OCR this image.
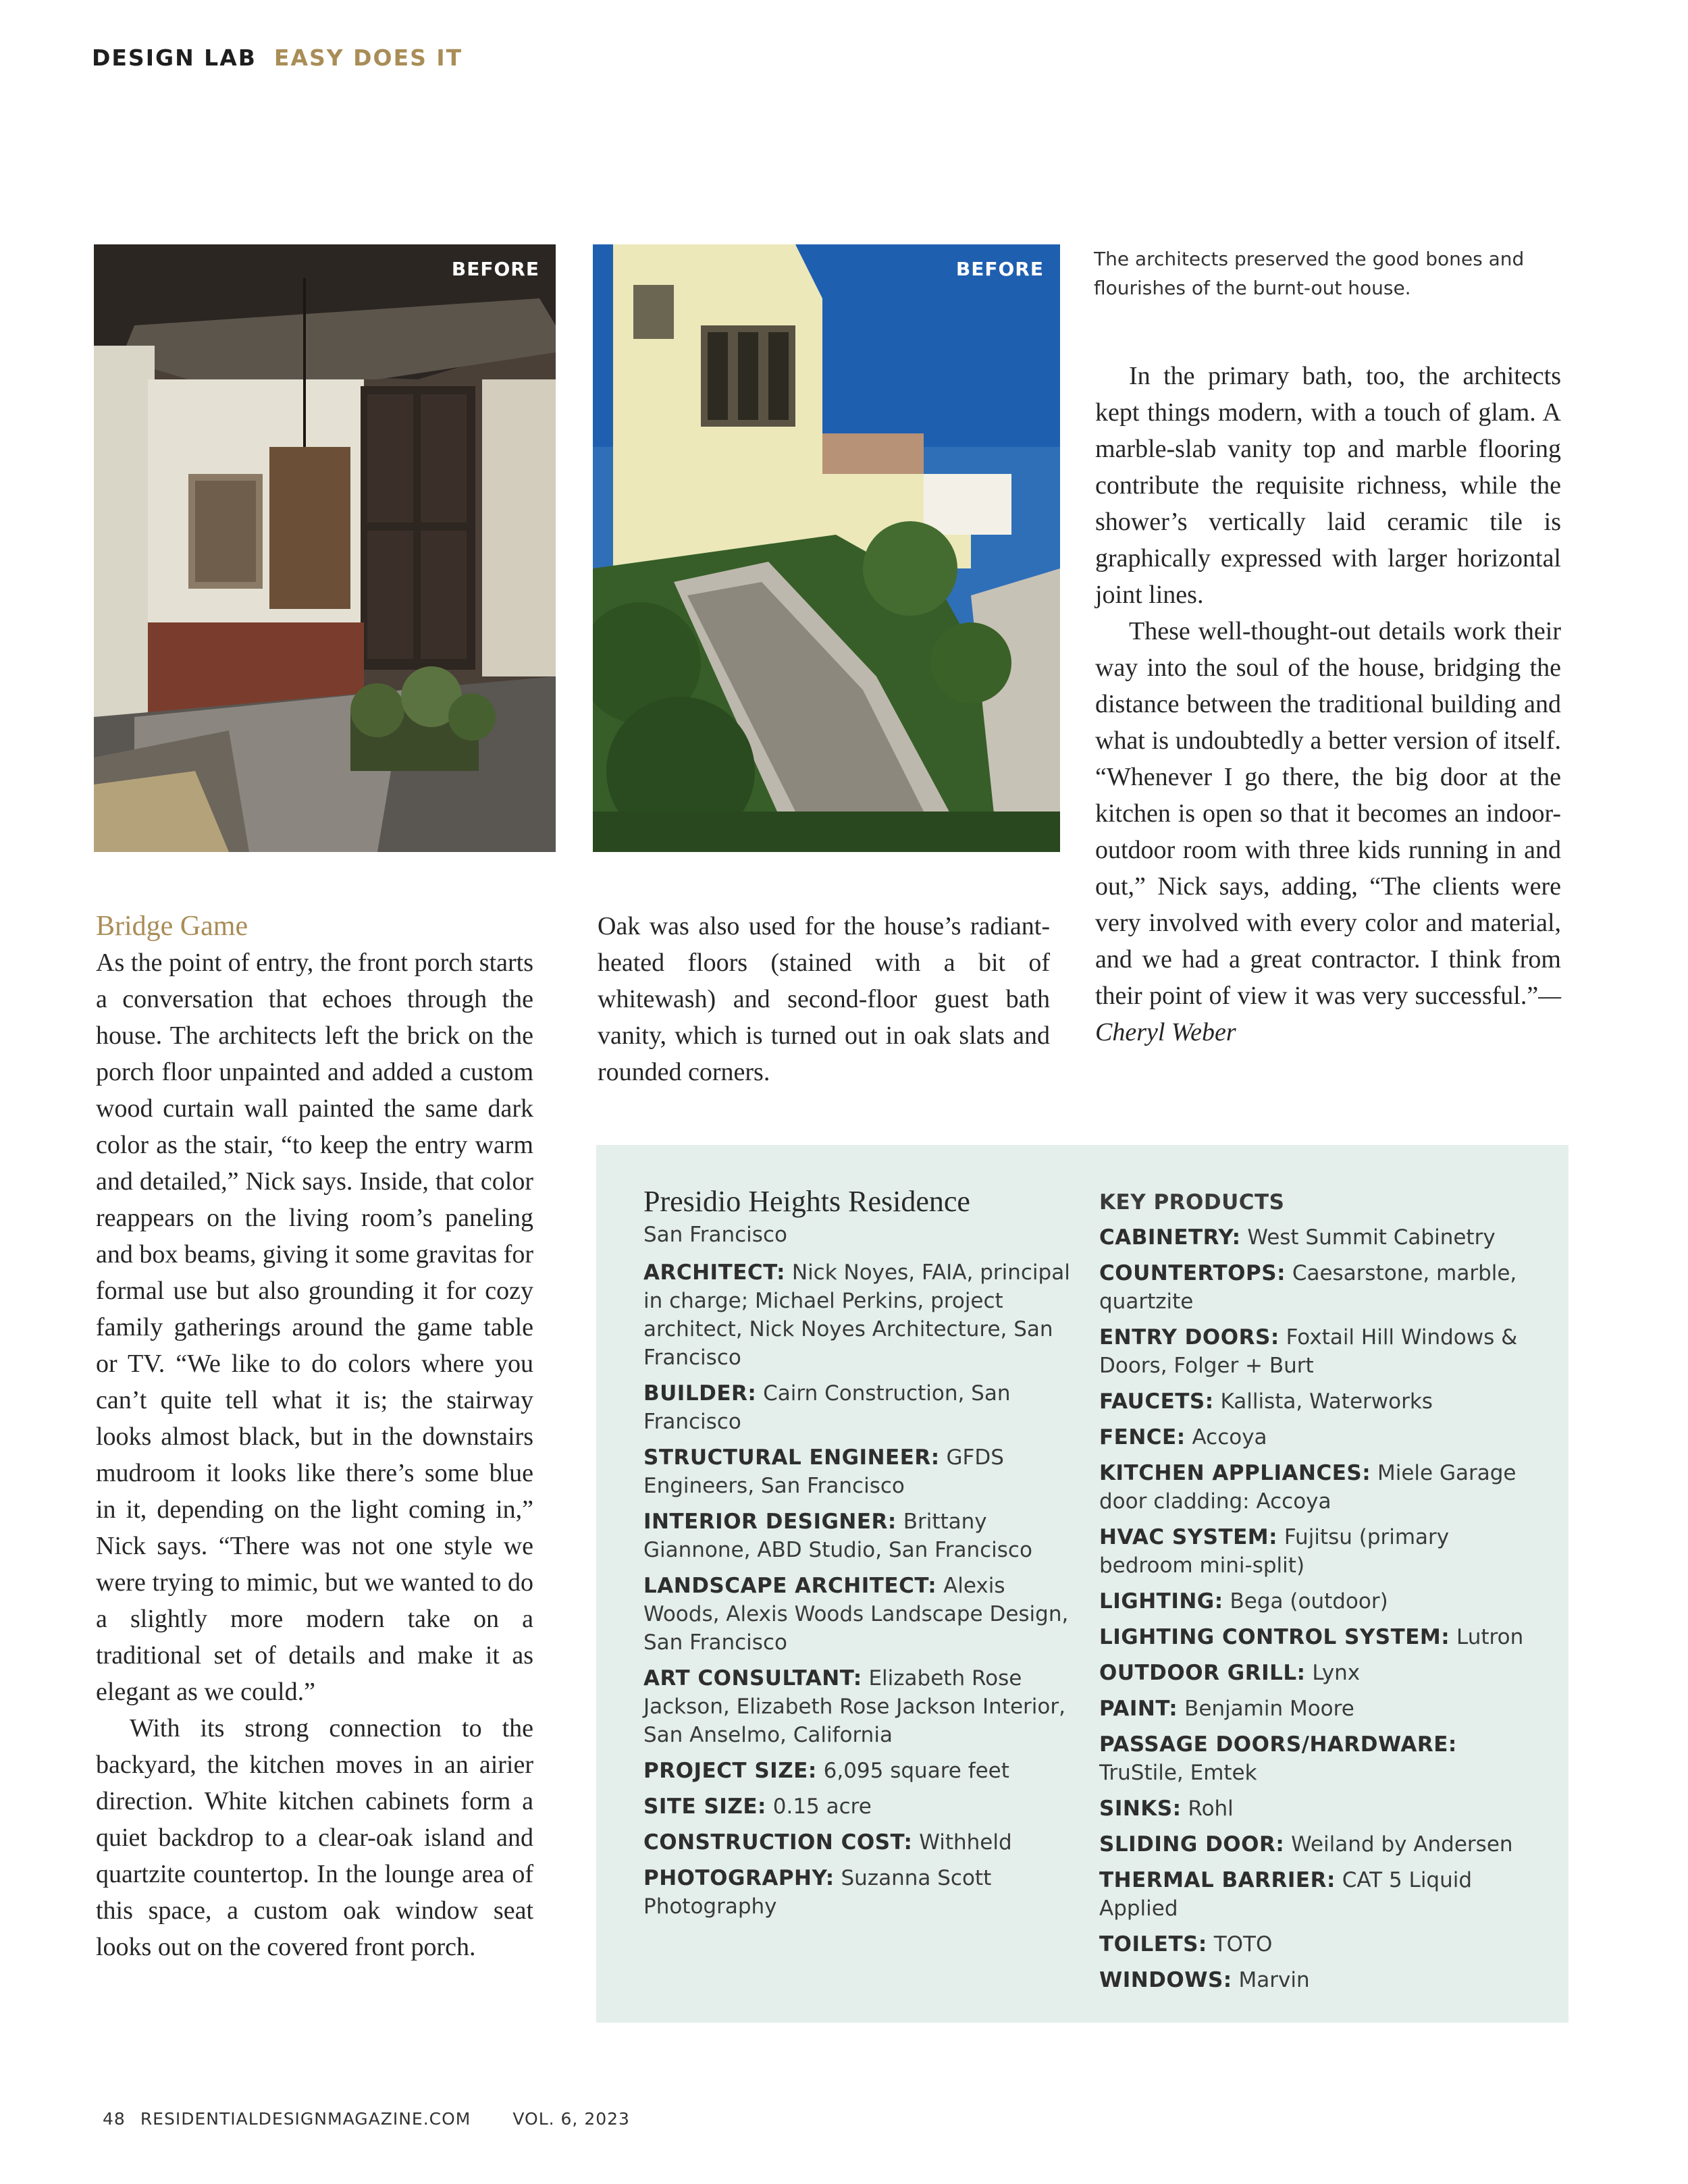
DESIGN LAB EASY DOES IT
BEFORE	BEFORE	The architects preserved the good bones and flourishes of the burnt-out house.
Bridge Game

As the point of entry, the front porch starts a conversation that echoes through the house. The architects left the brick on the porch floor unpainted and added a custom wood curtain wall painted the same dark color as the stair, “to keep the entry warm and detailed,” Nick says. Inside, that color reappears on the living room’s paneling and box beams, giving it some gravitas for formal use but also grounding it for cozy family gatherings around the game table or TV. “We like to do colors where you can’t quite tell what it is; the stairway looks almost black, but in the downstairs mudroom it looks like there’s some blue in it, depending on the light coming in,” Nick says. “There was not one style we were trying to mimic, but we wanted to do a slightly more modern take on a traditional set of details and make it as elegant as we could.”

With its strong connection to the backyard, the kitchen moves in an airier direction. White kitchen cabinets form a quiet backdrop to a clear-oak island and quartzite countertop. In the lounge area of this space, a custom oak window seat looks out on the covered front porch.

Oak was also used for the house’s radiant-heated floors (stained with a bit of whitewash) and second-floor guest bath vanity, which is turned out in oak slats and rounded corners.

In the primary bath, too, the architects kept things modern, with a touch of glam. A marble-slab vanity top and marble flooring contribute the requisite richness, while the shower’s vertically laid ceramic tile is graphically expressed with larger horizontal joint lines.

These well-thought-out details work their way into the soul of the house, bridging the distance between the traditional building and what is undoubtedly a better version of itself. “Whenever I go there, the big door at the kitchen is open so that it becomes an indoor-outdoor room with three kids running in and out,” Nick says, adding, “The clients were very involved with every color and material, and we had a great contractor. I think from their point of view it was very successful.”—Cheryl Weber

Presidio Heights Residence
San Francisco
ARCHITECT: Nick Noyes, FAIA, principal in charge; Michael Perkins, project architect, Nick Noyes Architecture, San Francisco
BUILDER: Cairn Construction, San Francisco
STRUCTURAL ENGINEER: GFDS Engineers, San Francisco
INTERIOR DESIGNER: Brittany Giannone, ABD Studio, San Francisco
LANDSCAPE ARCHITECT: Alexis Woods, Alexis Woods Landscape Design, San Francisco
ART CONSULTANT: Elizabeth Rose Jackson, Elizabeth Rose Jackson Interior, San Anselmo, California
PROJECT SIZE: 6,095 square feet
SITE SIZE: 0.15 acre
CONSTRUCTION COST: Withheld
PHOTOGRAPHY: Suzanna Scott Photography
KEY PRODUCTS
CABINETRY: West Summit Cabinetry
COUNTERTOPS: Caesarstone, marble, quartzite
ENTRY DOORS: Foxtail Hill Windows & Doors, Folger + Burt
FAUCETS: Kallista, Waterworks
FENCE: Accoya
KITCHEN APPLIANCES: Miele Garage door cladding: Accoya
HVAC SYSTEM: Fujitsu (primary bedroom mini-split)
LIGHTING: Bega (outdoor)
LIGHTING CONTROL SYSTEM: Lutron
OUTDOOR GRILL: Lynx
PAINT: Benjamin Moore
PASSAGE DOORS/HARDWARE: TruStile, Emtek
SINKS: Rohl
SLIDING DOOR: Weiland by Andersen
THERMAL BARRIER: CAT 5 Liquid Applied
TOILETS: TOTO
WINDOWS: Marvin
48 RESIDENTIALDESIGNMAGAZINE.COM VOL. 6, 2023
